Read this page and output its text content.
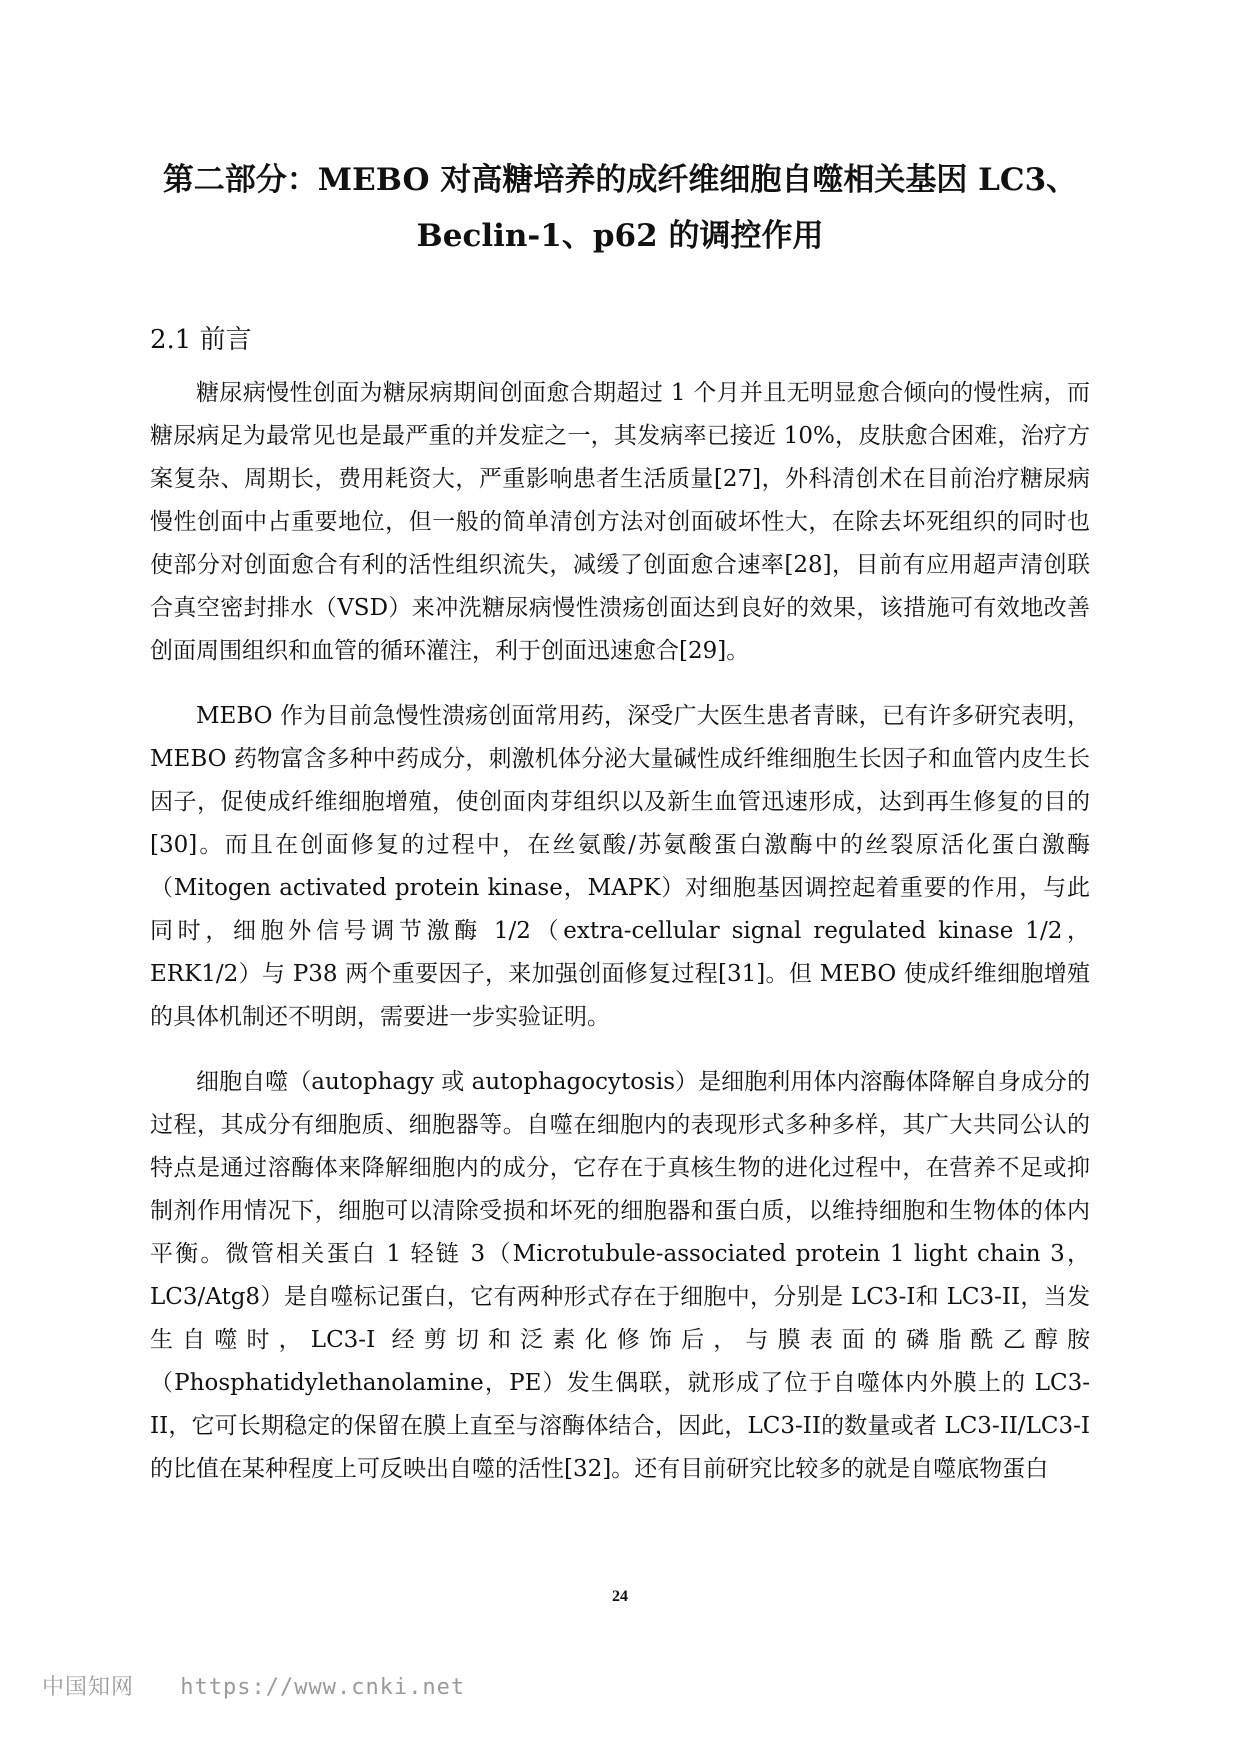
第二部分：MEBO 对高糖培养的成纤维细胞自噬相关基因 LC3、
Beclin-1、p62 的调控作用
2.1 前言

糖尿病慢性创面为糖尿病期间创面愈合期超过 1 个月并且无明显愈合倾向的慢性病，而糖尿病足为最常见也是最严重的并发症之一，其发病率已接近 10%，皮肤愈合困难，治疗方案复杂、周期长，费用耗资大，严重影响患者生活质量[27]，外科清创术在目前治疗糖尿病慢性创面中占重要地位，但一般的简单清创方法对创面破坏性大，在除去坏死组织的同时也使部分对创面愈合有利的活性组织流失，减缓了创面愈合速率[28]，目前有应用超声清创联合真空密封排水（VSD）来冲洗糖尿病慢性溃疡创面达到良好的效果，该措施可有效地改善创面周围组织和血管的循环灌注，利于创面迅速愈合[29]。

MEBO 作为目前急慢性溃疡创面常用药，深受广大医生患者青睐，已有许多研究表明，MEBO 药物富含多种中药成分，刺激机体分泌大量碱性成纤维细胞生长因子和血管内皮生长因子，促使成纤维细胞增殖，使创面肉芽组织以及新生血管迅速形成，达到再生修复的目的[30]。而且在创面修复的过程中，在丝氨酸/苏氨酸蛋白激酶中的丝裂原活化蛋白激酶（Mitogen activated protein kinase，MAPK）对细胞基因调控起着重要的作用，与此同时，细胞外信号调节激酶 1/2（extra-cellular signal regulated kinase 1/2，ERK1/2）与 P38 两个重要因子，来加强创面修复过程[31]。但 MEBO 使成纤维细胞增殖的具体机制还不明朗，需要进一步实验证明。

细胞自噬（autophagy 或 autophagocytosis）是细胞利用体内溶酶体降解自身成分的过程，其成分有细胞质、细胞器等。自噬在细胞内的表现形式多种多样，其广大共同公认的特点是通过溶酶体来降解细胞内的成分，它存在于真核生物的进化过程中，在营养不足或抑制剂作用情况下，细胞可以清除受损和坏死的细胞器和蛋白质，以维持细胞和生物体的体内平衡。微管相关蛋白 1 轻链 3（Microtubule-associated protein 1 light chain 3，LC3/Atg8）是自噬标记蛋白，它有两种形式存在于细胞中，分别是 LC3-I和 LC3-II，当发生自噬时，LC3-I 经剪切和泛素化修饰后，与膜表面的磷脂酰乙醇胺（Phosphatidylethanolamine，PE）发生偶联，就形成了位于自噬体内外膜上的 LC3-II，它可长期稳定的保留在膜上直至与溶酶体结合，因此，LC3-II的数量或者 LC3-II/LC3-I的比值在某种程度上可反映出自噬的活性[32]。还有目前研究比较多的就是自噬底物蛋白

24
中国知网 https://www.cnki.net
